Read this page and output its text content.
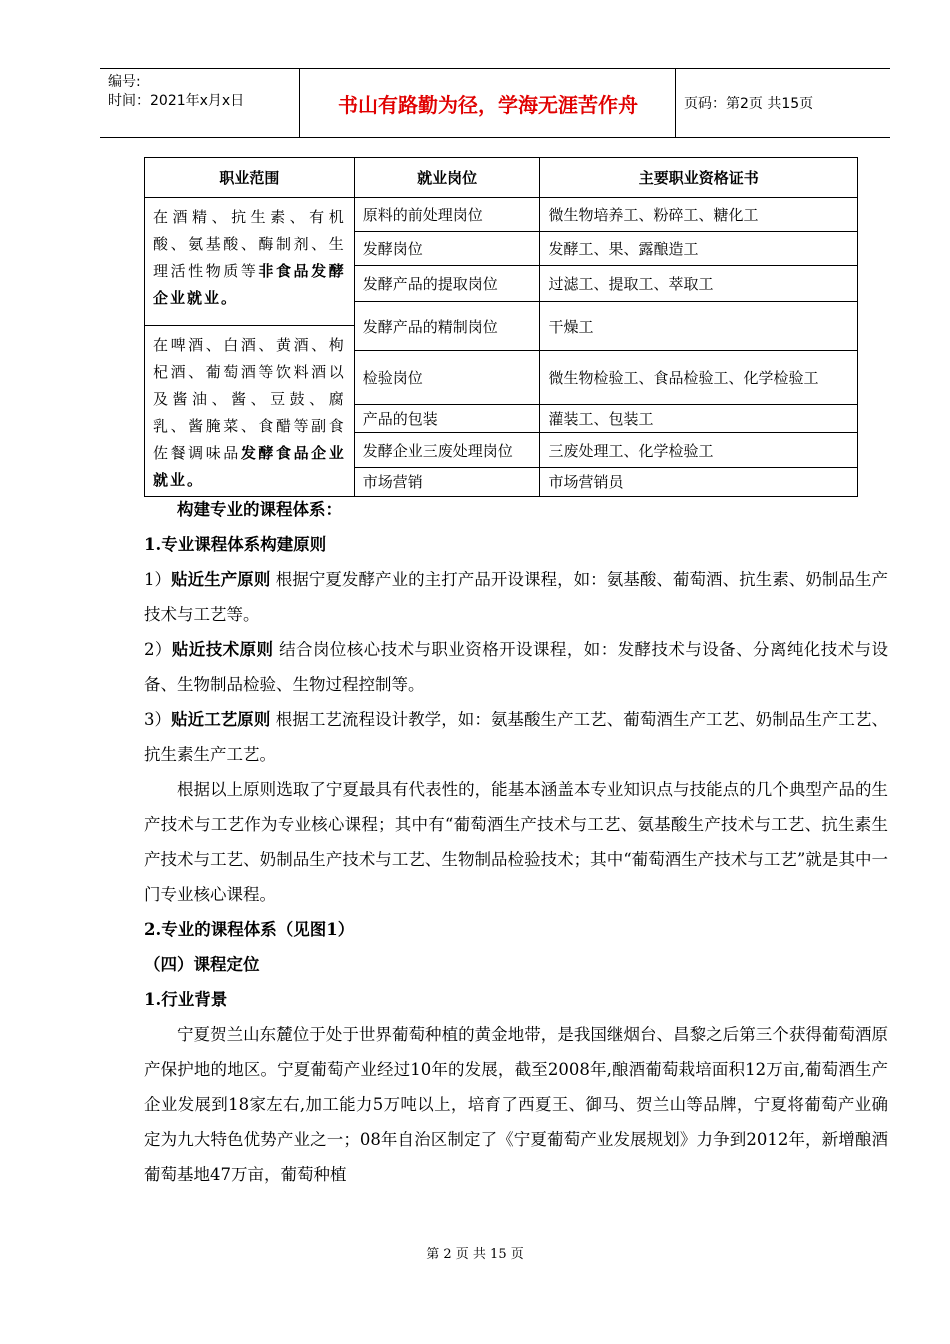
编号:
时间：2021年x月x日	书山有路勤为径，学海无涯苦作舟	页码：第2页 共15页
职业范围	就业岗位	主要职业资格证书
在酒精、抗生素、有机酸、氨基酸、酶制剂、生理活性物质等非食品发酵企业就业。	原料的前处理岗位	微生物培养工、粉碎工、糖化工
	发酵岗位	发酵工、果、露酿造工
	发酵产品的提取岗位	过滤工、提取工、萃取工
	发酵产品的精制岗位	干燥工
在啤酒、白酒、黄酒、枸杞酒、葡萄酒等饮料酒以及酱油、酱、豆鼓、腐乳、酱腌菜、食醋等副食佐餐调味品发酵食品企业就业。		
	检验岗位	微生物检验工、食品检验工、化学检验工
	产品的包装	灌装工、包装工
	发酵企业三废处理岗位	三废处理工、化学检验工
	市场营销	市场营销员

构建专业的课程体系：

1.专业课程体系构建原则

1）贴近生产原则 根据宁夏发酵产业的主打产品开设课程，如：氨基酸、葡萄酒、抗生素、奶制品生产技术与工艺等。

2）贴近技术原则 结合岗位核心技术与职业资格开设课程，如：发酵技术与设备、分离纯化技术与设备、生物制品检验、生物过程控制等。

3）贴近工艺原则 根据工艺流程设计教学，如：氨基酸生产工艺、葡萄酒生产工艺、奶制品生产工艺、抗生素生产工艺。

根据以上原则选取了宁夏最具有代表性的，能基本涵盖本专业知识点与技能点的几个典型产品的生产技术与工艺作为专业核心课程；其中有“葡萄酒生产技术与工艺、氨基酸生产技术与工艺、抗生素生产技术与工艺、奶制品生产技术与工艺、生物制品检验技术；其中“葡萄酒生产技术与工艺”就是其中一门专业核心课程。

2.专业的课程体系（见图1）

（四）课程定位

1.行业背景

宁夏贺兰山东麓位于处于世界葡萄种植的黄金地带，是我国继烟台、昌黎之后第三个获得葡萄酒原产保护地的地区。宁夏葡萄产业经过10年的发展，截至2008年,酿酒葡萄栽培面积12万亩,葡萄酒生产企业发展到18家左右,加工能力5万吨以上，培育了西夏王、御马、贺兰山等品牌，宁夏将葡萄产业确定为九大特色优势产业之一；08年自治区制定了《宁夏葡萄产业发展规划》力争到2012年，新增酿酒葡萄基地47万亩，葡萄种植

第 2 页 共 15 页
